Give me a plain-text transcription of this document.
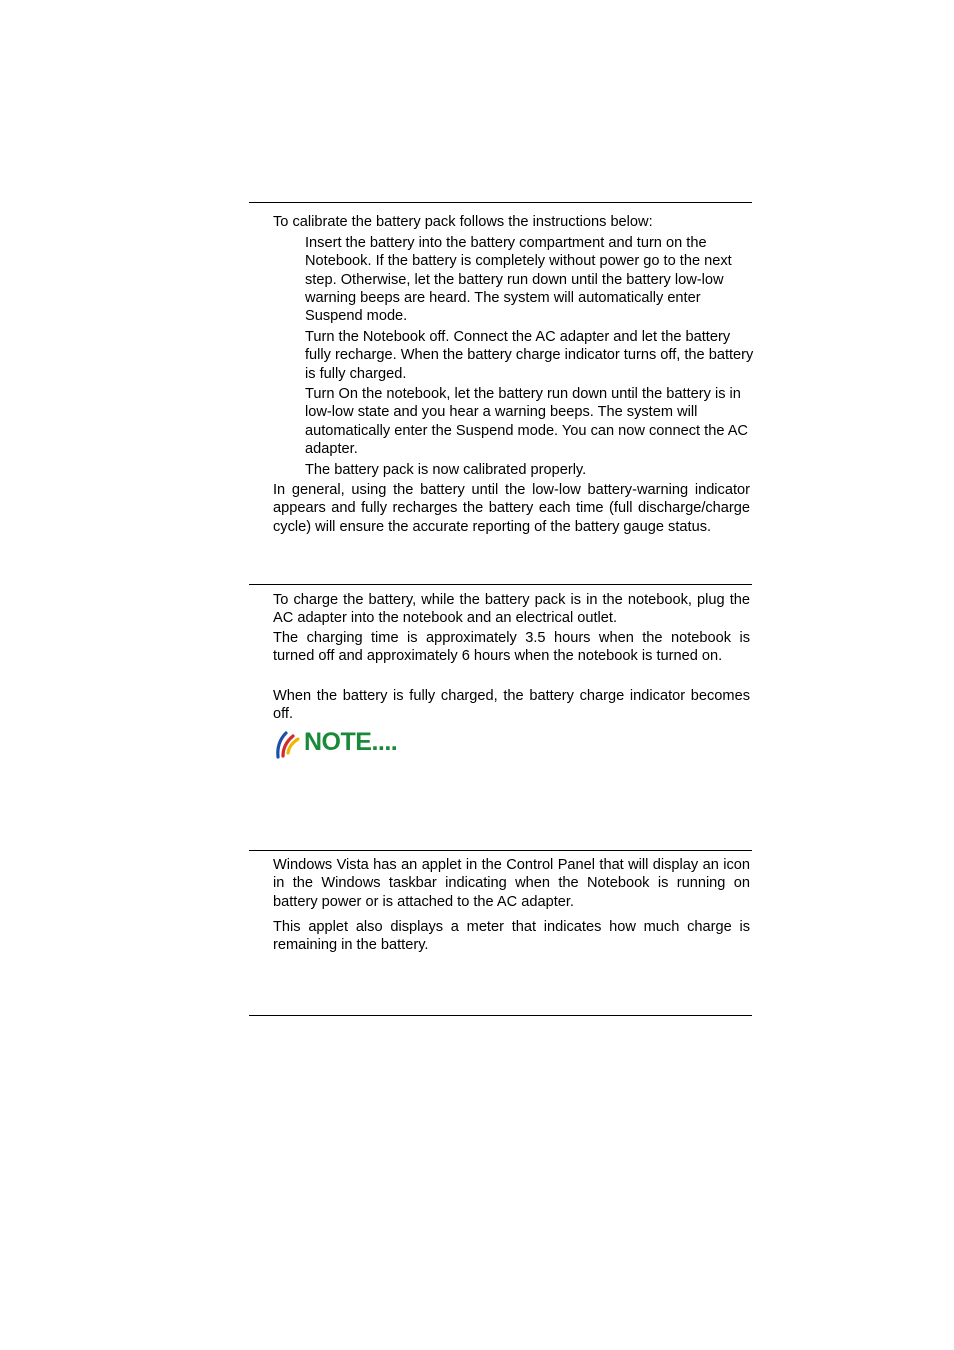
To calibrate the battery pack follows the instructions below:

Insert the battery into the battery compartment and turn on the Notebook. If the battery is completely without power go to the next step. Otherwise, let the battery run down until the battery low-low warning beeps are heard. The system will automatically enter Suspend mode.

Turn the Notebook off. Connect the AC adapter and let the battery fully recharge. When the battery charge indicator turns off, the battery is fully charged.

Turn On the notebook, let the battery run down until the battery is in low-low state and you hear a warning beeps. The system will automatically enter the Suspend mode. You can now connect the AC adapter.

The battery pack is now calibrated properly.

In general, using the battery until the low-low battery-warning indicator appears and fully recharges the battery each time (full discharge/charge cycle) will ensure the accurate reporting of the battery gauge status.

To charge the battery, while the battery pack is in the notebook, plug the AC adapter into the notebook and an electrical outlet.

The charging time is approximately 3.5 hours when the notebook is turned off and approximately 6 hours when the notebook is turned on.

When the battery is fully charged, the battery charge indicator becomes off.

NOTE....

Windows Vista has an applet in the Control Panel that will display an icon in the Windows taskbar indicating when the Notebook is running on battery power or is attached to the AC adapter.

This applet also displays a meter that indicates how much charge is remaining in the battery.
